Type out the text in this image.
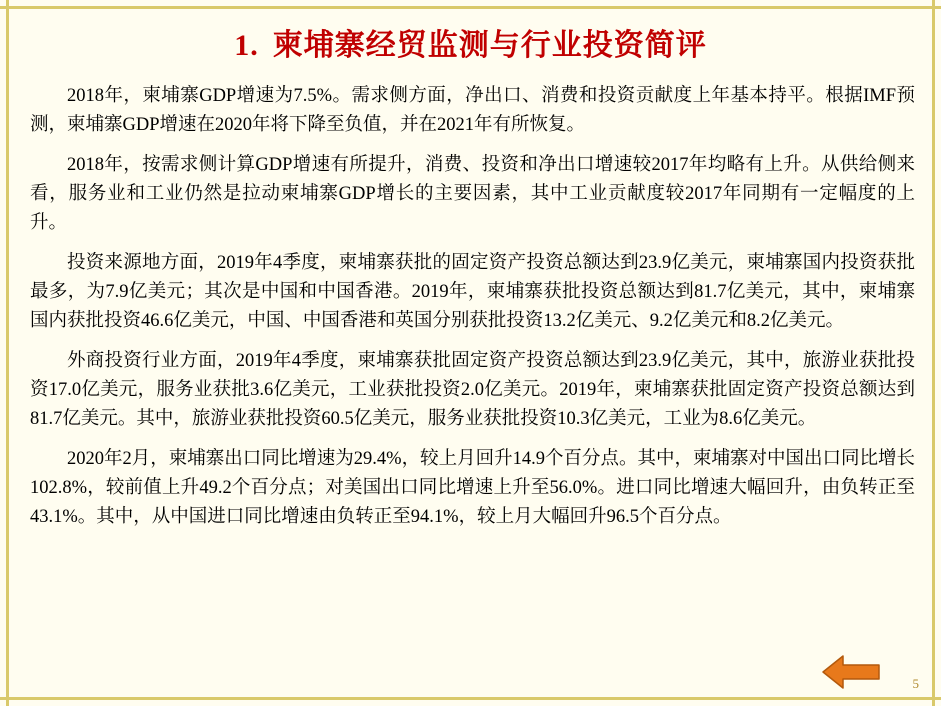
1. 柬埔寨经贸监测与行业投资简评

2018年，柬埔寨GDP增速为7.5%。需求侧方面，净出口、消费和投资贡献度上年基本持平。根据IMF预测，柬埔寨GDP增速在2020年将下降至负值，并在2021年有所恢复。

2018年，按需求侧计算GDP增速有所提升，消费、投资和净出口增速较2017年均略有上升。从供给侧来看，服务业和工业仍然是拉动柬埔寨GDP增长的主要因素，其中工业贡献度较2017年同期有一定幅度的上升。

投资来源地方面，2019年4季度，柬埔寨获批的固定资产投资总额达到23.9亿美元，柬埔寨国内投资获批最多，为7.9亿美元；其次是中国和中国香港。2019年，柬埔寨获批投资总额达到81.7亿美元，其中，柬埔寨国内获批投资46.6亿美元，中国、中国香港和英国分别获批投资13.2亿美元、9.2亿美元和8.2亿美元。

外商投资行业方面，2019年4季度，柬埔寨获批固定资产投资总额达到23.9亿美元，其中，旅游业获批投资17.0亿美元，服务业获批3.6亿美元，工业获批投资2.0亿美元。2019年，柬埔寨获批固定资产投资总额达到81.7亿美元。其中，旅游业获批投资60.5亿美元，服务业获批投资10.3亿美元，工业为8.6亿美元。

2020年2月，柬埔寨出口同比增速为29.4%，较上月回升14.9个百分点。其中，柬埔寨对中国出口同比增长102.8%，较前值上升49.2个百分点；对美国出口同比增速上升至56.0%。进口同比增速大幅回升，由负转正至43.1%。其中，从中国进口同比增速由负转正至94.1%，较上月大幅回升96.5个百分点。

5
